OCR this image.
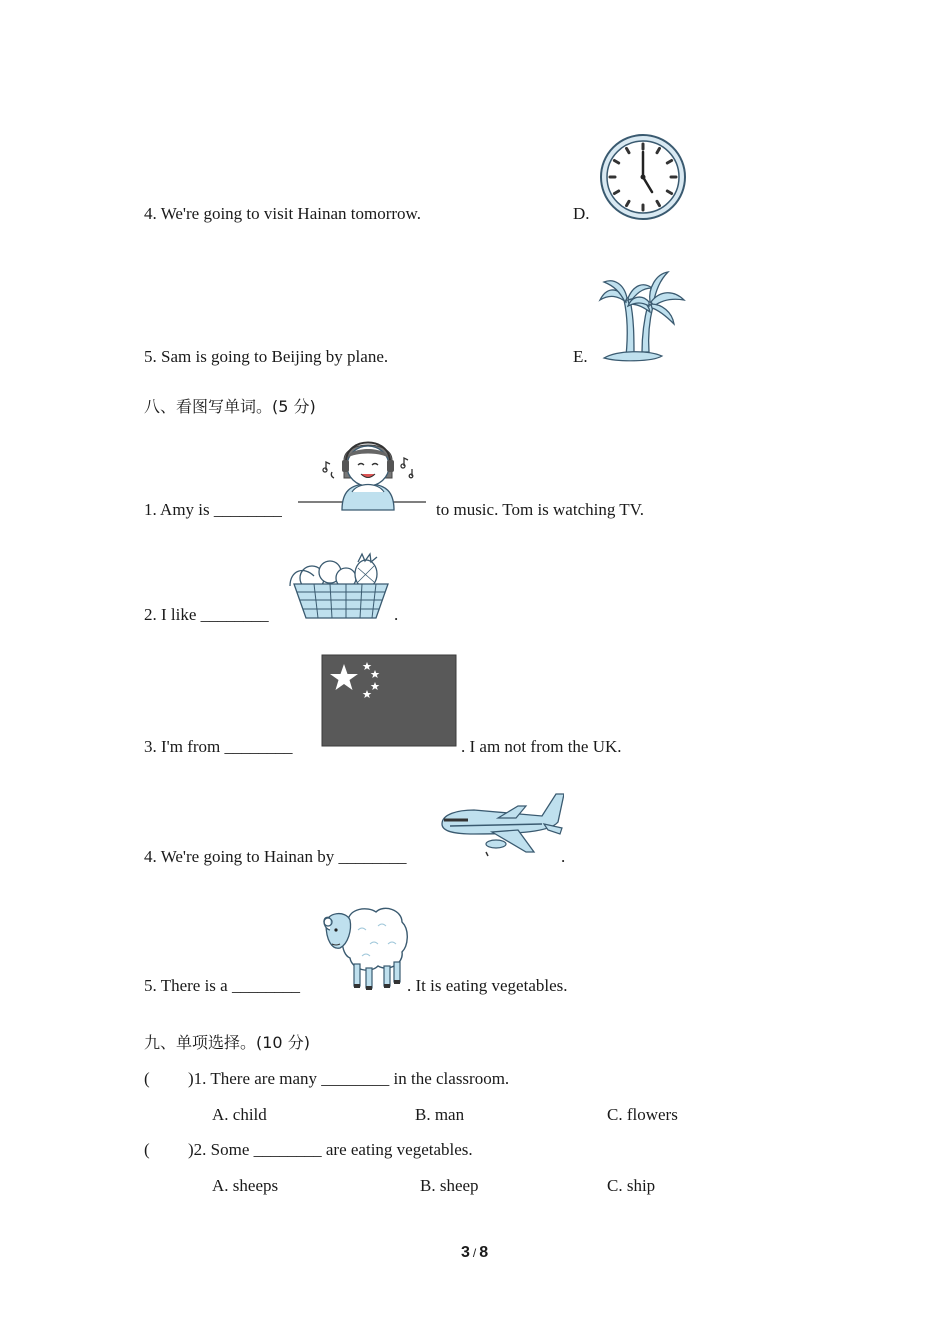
4. We're going to visit Hainan tomorrow.	D.
5. Sam is going to Beijing by plane.	E.
八、看图写单词。(5 分)
1. Amy is ________	to music. Tom is watching TV.
2. I like ________	.
3. I'm from ________	. I am not from the UK.
4. We're going to Hainan by ________	.
5. There is a ________	. It is eating vegetables.
九、单项选择。(10 分)
( )1. There are many ________ in the classroom.
A. child	B. man	C. flowers
( )2. Some ________ are eating vegetables.
A. sheeps	B. sheep	C. ship
3 / 8
